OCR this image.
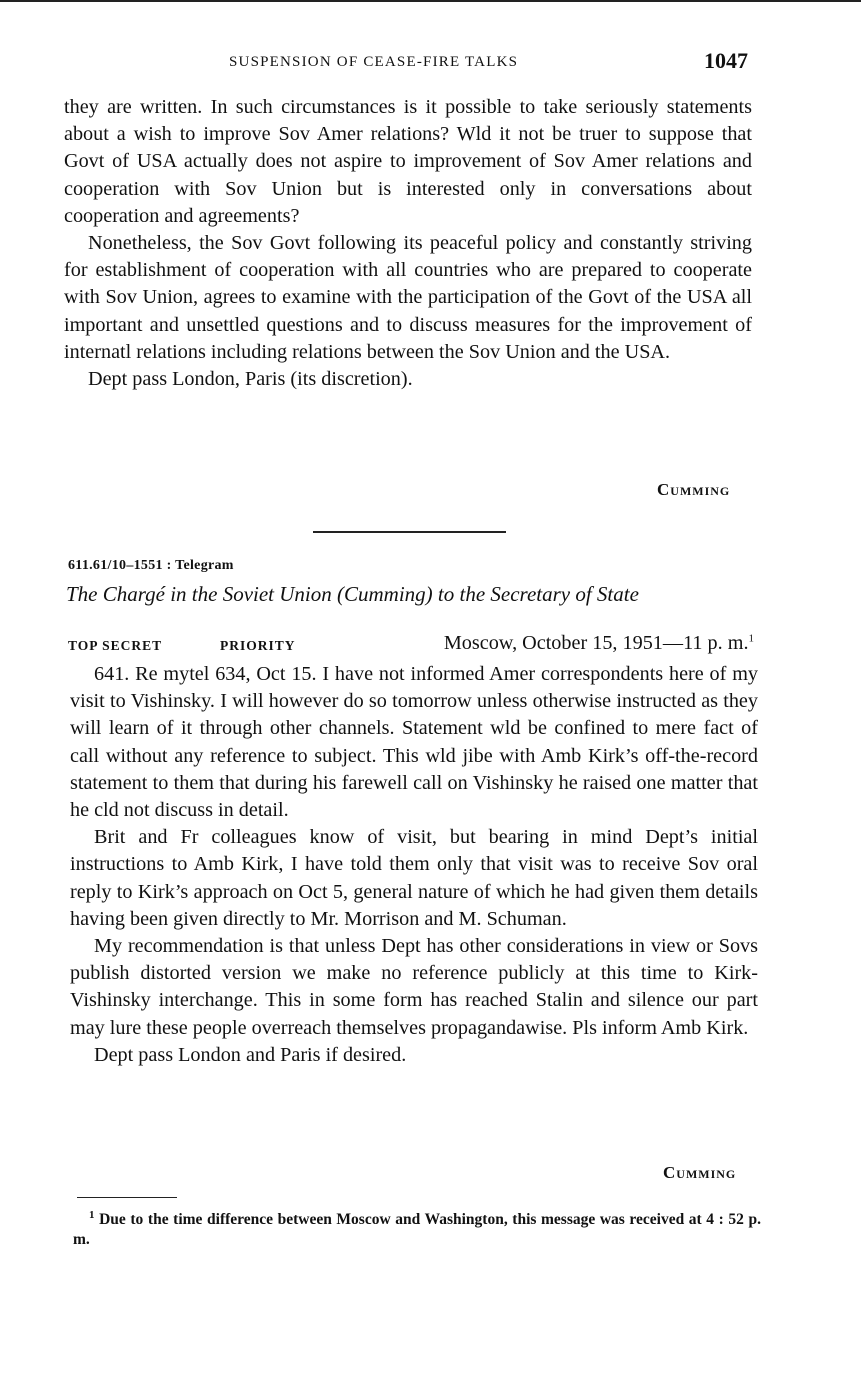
SUSPENSION OF CEASE-FIRE TALKS	1047

they are written. In such circumstances is it possible to take seriously statements about a wish to improve Sov Amer relations? Wld it not be truer to suppose that Govt of USA actually does not aspire to improvement of Sov Amer relations and cooperation with Sov Union but is interested only in conversations about cooperation and agreements?

Nonetheless, the Sov Govt following its peaceful policy and constantly striving for establishment of cooperation with all countries who are prepared to cooperate with Sov Union, agrees to examine with the participation of the Govt of the USA all important and unsettled questions and to discuss measures for the improvement of internatl relations including relations between the Sov Union and the USA.

Dept pass London, Paris (its discretion).

Cumming
611.61/10–1551 : Telegram
The Chargé in the Soviet Union (Cumming) to the Secretary of State
TOP SECRET	PRIORITY	Moscow, October 15, 1951—11 p. m.$^1$

641. Re mytel 634, Oct 15. I have not informed Amer correspondents here of my visit to Vishinsky. I will however do so tomorrow unless otherwise instructed as they will learn of it through other channels. Statement wld be confined to mere fact of call without any reference to subject. This wld jibe with Amb Kirk’s off-the-record statement to them that during his farewell call on Vishinsky he raised one matter that he cld not discuss in detail.

Brit and Fr colleagues know of visit, but bearing in mind Dept’s initial instructions to Amb Kirk, I have told them only that visit was to receive Sov oral reply to Kirk’s approach on Oct 5, general nature of which he had given them details having been given directly to Mr. Morrison and M. Schuman.

My recommendation is that unless Dept has other considerations in view or Sovs publish distorted version we make no reference publicly at this time to Kirk-Vishinsky interchange. This in some form has reached Stalin and silence our part may lure these people overreach themselves propagandawise. Pls inform Amb Kirk.

Dept pass London and Paris if desired.

Cumming

$^1$ Due to the time difference between Moscow and Washington, this message was received at 4 : 52 p. m.
